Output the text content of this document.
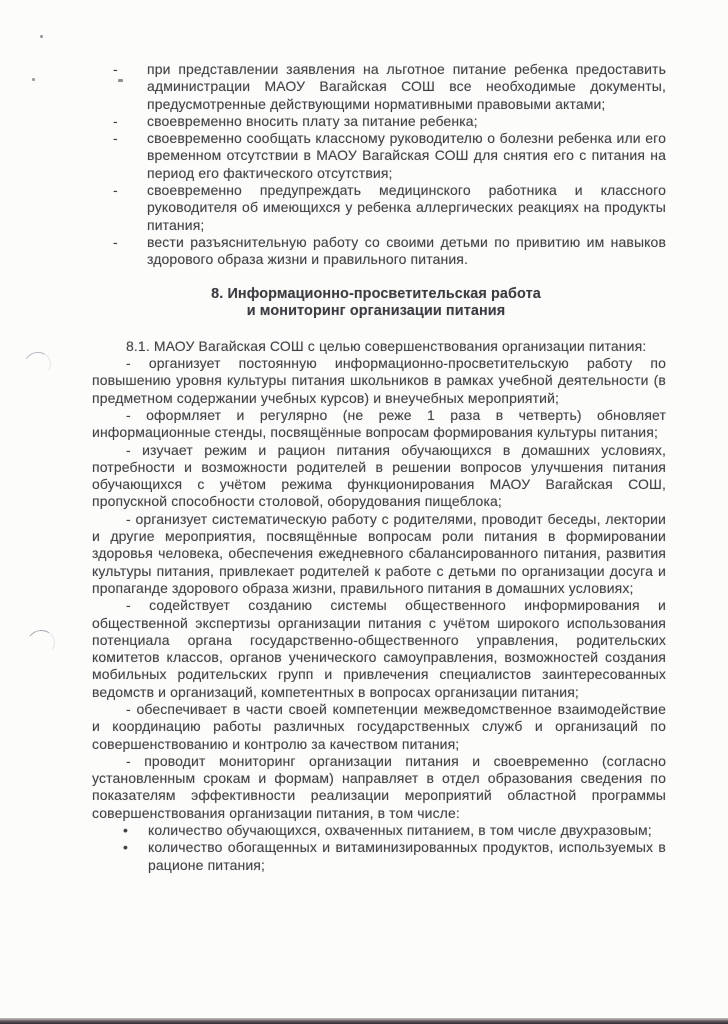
-	при представлении заявления на льготное питание ребенка предоставить администрации МАОУ Вагайская СОШ все необходимые документы, предусмотренные действующими нормативными правовыми актами;
-	своевременно вносить плату за питание ребенка;
-	своевременно сообщать классному руководителю о болезни ребенка или его временном отсутствии в МАОУ Вагайская СОШ для снятия его с питания на период его фактического отсутствия;
-	своевременно предупреждать медицинского работника и классного руководителя об имеющихся у ребенка аллергических реакциях на продукты питания;
-	вести разъяснительную работу со своими детьми по привитию им навыков здорового образа жизни и правильного питания.
8. Информационно-просветительская работа
и мониторинг организации питания

8.1. МАОУ Вагайская СОШ с целью совершенствования организации питания:

- организует постоянную информационно-просветительскую работу по повышению уровня культуры питания школьников в рамках учебной деятельности (в предметном содержании учебных курсов) и внеучебных мероприятий;

- оформляет и регулярно (не реже 1 раза в четверть) обновляет информационные стенды, посвящённые вопросам формирования культуры питания;

- изучает режим и рацион питания обучающихся в домашних условиях, потребности и возможности родителей в решении вопросов улучшения питания обучающихся с учётом режима функционирования МАОУ Вагайская СОШ, пропускной способности столовой, оборудования пищеблока;

- организует систематическую работу с родителями, проводит беседы, лектории и другие мероприятия, посвящённые вопросам роли питания в формировании здоровья человека, обеспечения ежедневного сбалансированного питания, развития культуры питания, привлекает родителей к работе с детьми по организации досуга и пропаганде здорового образа жизни, правильного питания в домашних условиях;

- содействует созданию системы общественного информирования и общественной экспертизы организации питания с учётом широкого использования потенциала органа государственно-общественного управления, родительских комитетов классов, органов ученического самоуправления, возможностей создания мобильных родительских групп и привлечения специалистов заинтересованных ведомств и организаций, компетентных в вопросах организации питания;

- обеспечивает в части своей компетенции межведомственное взаимодействие и координацию работы различных государственных служб и организаций по совершенствованию и контролю за качеством питания;

- проводит мониторинг организации питания и своевременно (согласно установленным срокам и формам) направляет в отдел образования сведения по показателям эффективности реализации мероприятий областной программы совершенствования организации питания, в том числе:

•	количество обучающихся, охваченных питанием, в том числе двухразовым;
•	количество обогащенных и витаминизированных продуктов, используемых в рационе питания;
